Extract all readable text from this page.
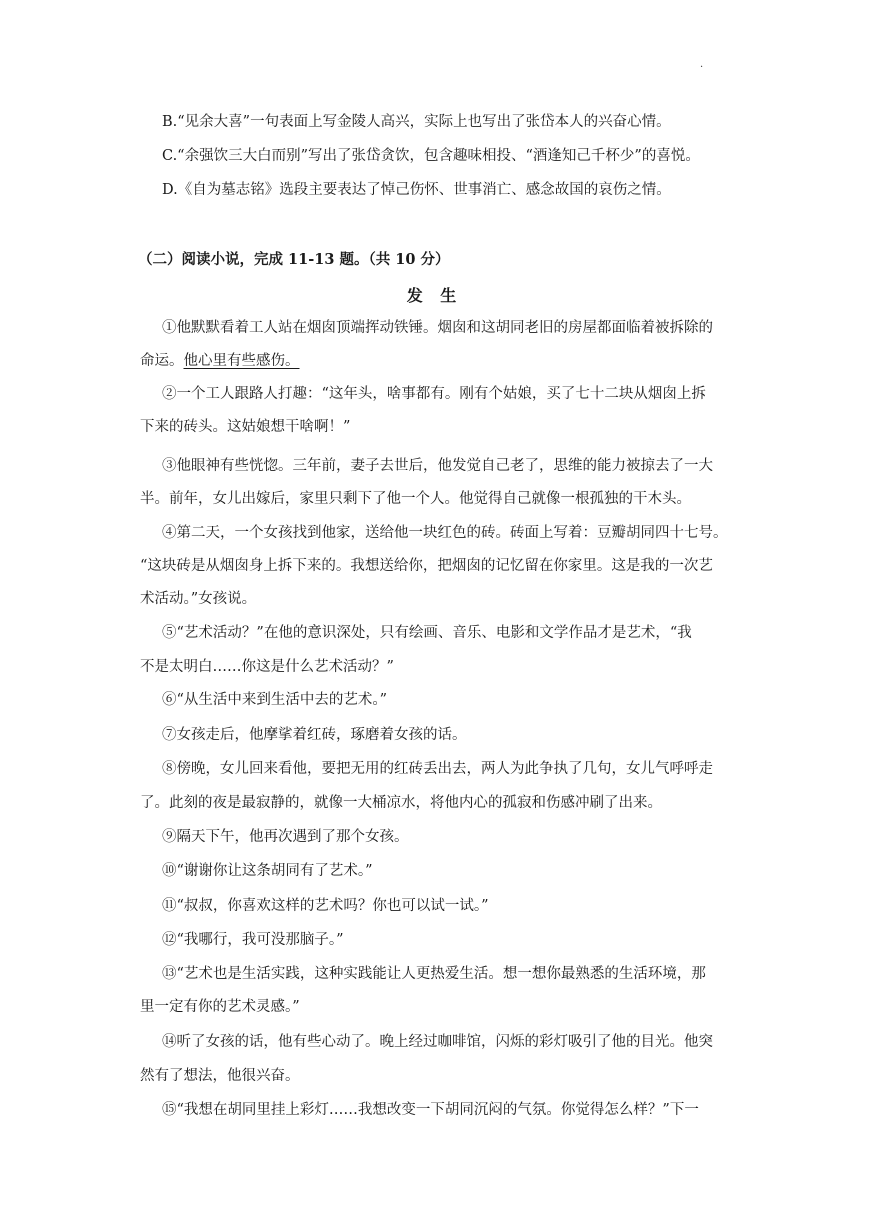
·
B.“见余大喜”一句表面上写金陵人高兴，实际上也写出了张岱本人的兴奋心情。
C.“余强饮三大白而别”写出了张岱贪饮，包含趣味相投、“酒逢知己千杯少”的喜悦。
D.《自为墓志铭》选段主要表达了悼己伤怀、世事消亡、感念故国的哀伤之情。
（二）阅读小说，完成 11-13 题。（共 10 分）
发 生
①他默默看着工人站在烟囱顶端挥动铁锤。烟囱和这胡同老旧的房屋都面临着被拆除的
命运。他心里有些感伤。
②一个工人跟路人打趣：“这年头，啥事都有。刚有个姑娘，买了七十二块从烟囱上拆
下来的砖头。这姑娘想干啥啊！”
③他眼神有些恍惚。三年前，妻子去世后，他发觉自己老了，思维的能力被掠去了一大
半。前年，女儿出嫁后，家里只剩下了他一个人。他觉得自己就像一根孤独的干木头。
④第二天，一个女孩找到他家，送给他一块红色的砖。砖面上写着：豆瓣胡同四十七号。
“这块砖是从烟囱身上拆下来的。我想送给你，把烟囱的记忆留在你家里。这是我的一次艺
术活动。”女孩说。
⑤“艺术活动？”在他的意识深处，只有绘画、音乐、电影和文学作品才是艺术，“我
不是太明白……你这是什么艺术活动？”
⑥“从生活中来到生活中去的艺术。”
⑦女孩走后，他摩挲着红砖，琢磨着女孩的话。
⑧傍晚，女儿回来看他，要把无用的红砖丢出去，两人为此争执了几句，女儿气呼呼走
了。此刻的夜是最寂静的，就像一大桶凉水，将他内心的孤寂和伤感冲刷了出来。
⑨隔天下午，他再次遇到了那个女孩。
⑩“谢谢你让这条胡同有了艺术。”
⑪“叔叔，你喜欢这样的艺术吗？你也可以试一试。”
⑫“我哪行，我可没那脑子。”
⑬“艺术也是生活实践，这种实践能让人更热爱生活。想一想你最熟悉的生活环境，那
里一定有你的艺术灵感。”
⑭听了女孩的话，他有些心动了。晚上经过咖啡馆，闪烁的彩灯吸引了他的目光。他突
然有了想法，他很兴奋。
⑮“我想在胡同里挂上彩灯……我想改变一下胡同沉闷的气氛。你觉得怎么样？”下一
